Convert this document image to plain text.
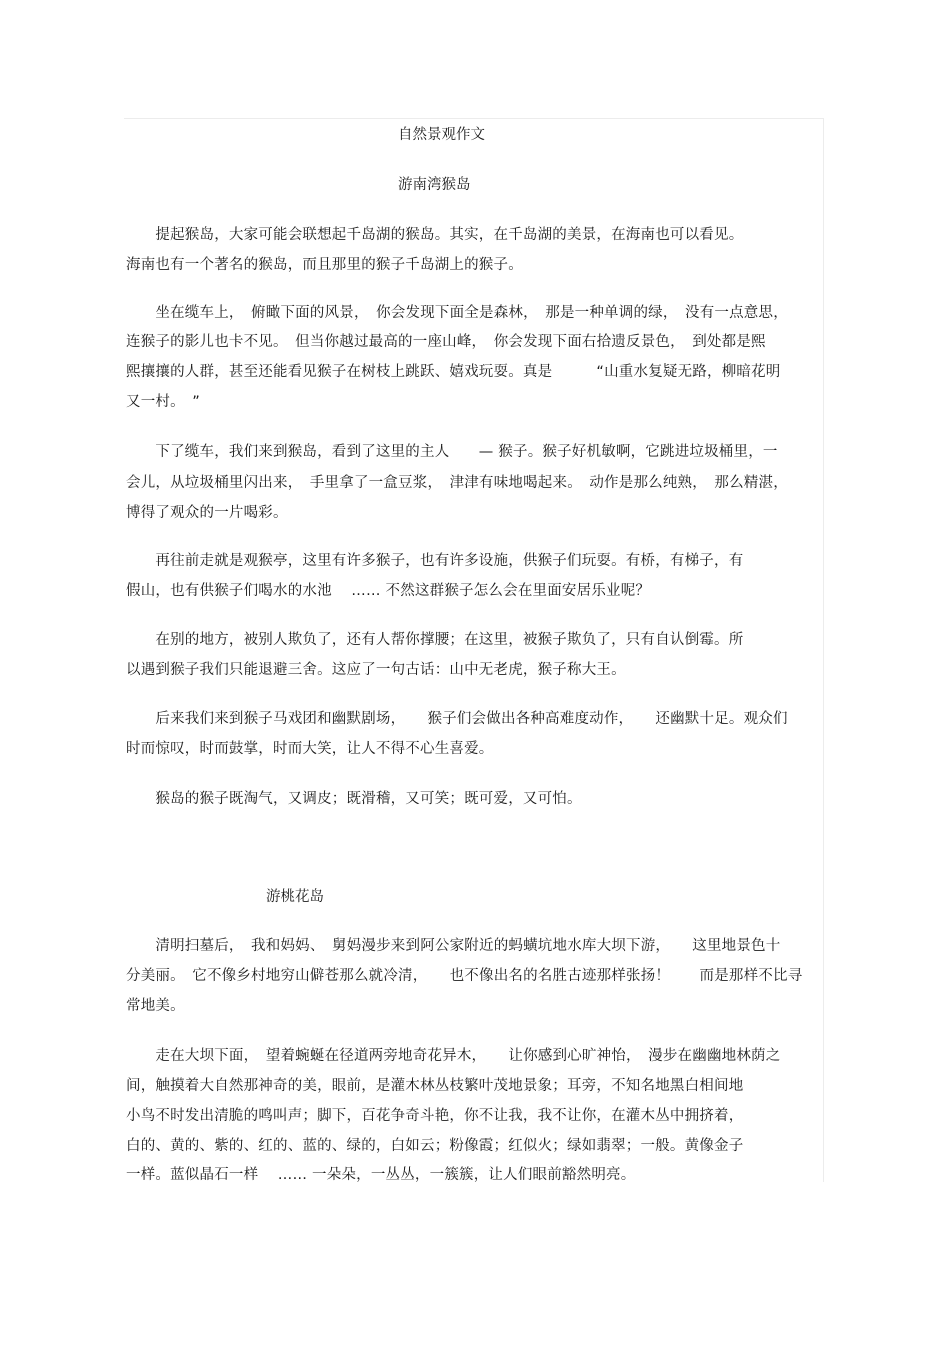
自然景观作文
游南湾猴岛
　　提起猴岛，大家可能会联想起千岛湖的猴岛。其实，在千岛湖的美景，在海南也可以看见。
海南也有一个著名的猴岛，而且那里的猴子千岛湖上的猴子。
　　坐在缆车上，　俯瞰下面的风景，　你会发现下面全是森林，　那是一种单调的绿，　没有一点意思，
连猴子的影儿也卡不见。　但当你越过最高的一座山峰，　你会发现下面右拾遗反景色，　到处都是熙
熙攘攘的人群，甚至还能看见猴子在树枝上跳跃、嬉戏玩耍。真是　　　“山重水复疑无路，柳暗花明
又一村。　”
　　下了缆车，我们来到猴岛，看到了这里的主人　　— 猴子。猴子好机敏啊，它跳进垃圾桶里，一
会儿，从垃圾桶里闪出来，　手里拿了一盒豆浆，　津津有味地喝起来。　动作是那么纯熟，　那么精湛，
博得了观众的一片喝彩。
　　再往前走就是观猴亭，这里有许多猴子，也有许多设施，供猴子们玩耍。有桥，有梯子，有
假山，也有供猴子们喝水的水池　 …… 不然这群猴子怎么会在里面安居乐业呢？
　　在别的地方，被别人欺负了，还有人帮你撑腰；在这里，被猴子欺负了，只有自认倒霉。所
以遇到猴子我们只能退避三舍。这应了一句古话：山中无老虎，猴子称大王。
　　后来我们来到猴子马戏团和幽默剧场，　　猴子们会做出各种高难度动作，　　还幽默十足。观众们
时而惊叹，时而鼓掌，时而大笑，让人不得不心生喜爱。
　　猴岛的猴子既淘气，又调皮；既滑稽，又可笑；既可爱，又可怕。
游桃花岛
　　清明扫墓后，　我和妈妈、　舅妈漫步来到阿公家附近的蚂蟥坑地水库大坝下游，　　这里地景色十
分美丽。　它不像乡村地穷山僻苍那么就冷清，　　也不像出名的名胜古迹那样张扬！　　而是那样不比寻
常地美。
　　走在大坝下面，　望着蜿蜒在径道两旁地奇花异木，　　让你感到心旷神怡，　漫步在幽幽地林荫之
间，触摸着大自然那神奇的美，眼前，是灌木林丛枝繁叶茂地景象；耳旁，不知名地黑白相间地
小鸟不时发出清脆的鸣叫声；脚下，百花争奇斗艳，你不让我，我不让你，在灌木丛中拥挤着，
白的、黄的、紫的、红的、蓝的、绿的，白如云；粉像霞；红似火；绿如翡翠；一般。黄像金子
一样。蓝似晶石一样　 …… 一朵朵，一丛丛，一簇簇，让人们眼前豁然明亮。
